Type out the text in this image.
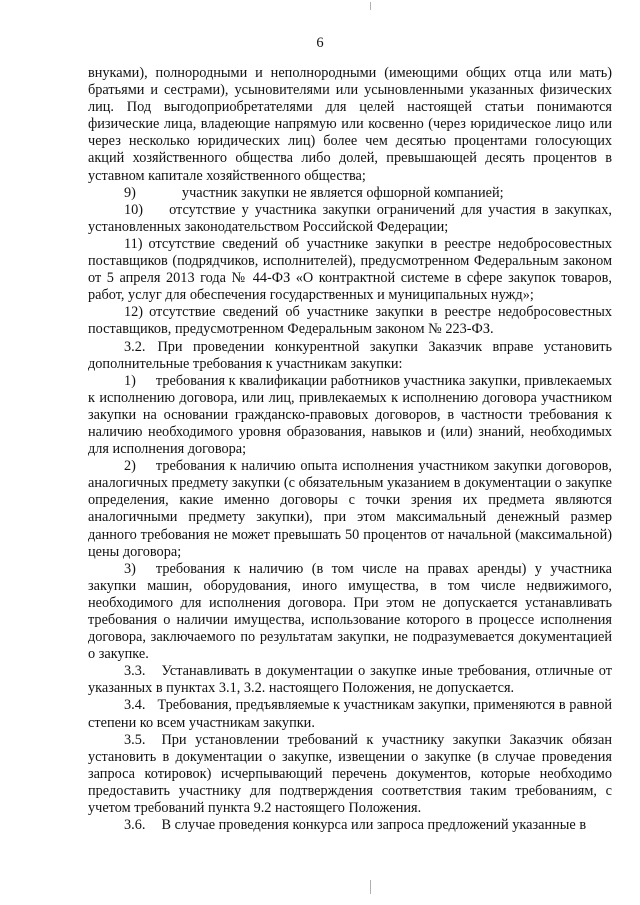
6

внуками), полнородными и неполнородными (имеющими общих отца или мать) братьями и сестрами), усыновителями или усыновленными указанных физических лиц. Под выгодоприобретателями для целей настоящей статьи понимаются физические лица, владеющие напрямую или косвенно (через юридическое лицо или через несколько юридических лиц) более чем десятью процентами голосующих акций хозяйственного общества либо долей, превышающей десять процентов в уставном капитале хозяйственного общества;

9)	участник закупки не является офшорной компанией;

10) отсутствие у участника закупки ограничений для участия в закупках, установленных законодательством Российской Федерации;

11) отсутствие сведений об участнике закупки в реестре недобросовестных поставщиков (подрядчиков, исполнителей), предусмотренном Федеральным законом от 5 апреля 2013 года № 44-ФЗ «О контрактной системе в сфере закупок товаров, работ, услуг для обеспечения государственных и муниципальных нужд»;

12) отсутствие сведений об участнике закупки в реестре недобросовестных поставщиков, предусмотренном Федеральным законом № 223-ФЗ.

3.2. При проведении конкурентной закупки Заказчик вправе установить дополнительные требования к участникам закупки:

1) требования к квалификации работников участника закупки, привлекаемых к исполнению договора, или лиц, привлекаемых к исполнению договора участником закупки на основании гражданско-правовых договоров, в частности требования к наличию необходимого уровня образования, навыков и (или) знаний, необходимых для исполнения договора;

2) требования к наличию опыта исполнения участником закупки договоров, аналогичных предмету закупки (с обязательным указанием в документации о закупке определения, какие именно договоры с точки зрения их предмета являются аналогичными предмету закупки), при этом максимальный денежный размер данного требования не может превышать 50 процентов от начальной (максимальной) цены договора;

3) требования к наличию (в том числе на правах аренды) у участника закупки машин, оборудования, иного имущества, в том числе недвижимого, необходимого для исполнения договора. При этом не допускается устанавливать требования о наличии имущества, использование которого в процессе исполнения договора, заключаемого по результатам закупки, не подразумевается документацией о закупке.

3.3. Устанавливать в документации о закупке иные требования, отличные от указанных в пунктах 3.1, 3.2. настоящего Положения, не допускается.

3.4. Требования, предъявляемые к участникам закупки, применяются в равной степени ко всем участникам закупки.

3.5. При установлении требований к участнику закупки Заказчик обязан установить в документации о закупке, извещении о закупке (в случае проведения запроса котировок) исчерпывающий перечень документов, которые необходимо предоставить участнику для подтверждения соответствия таким требованиям, с учетом требований пункта 9.2 настоящего Положения.

3.6. В случае проведения конкурса или запроса предложений указанные в
